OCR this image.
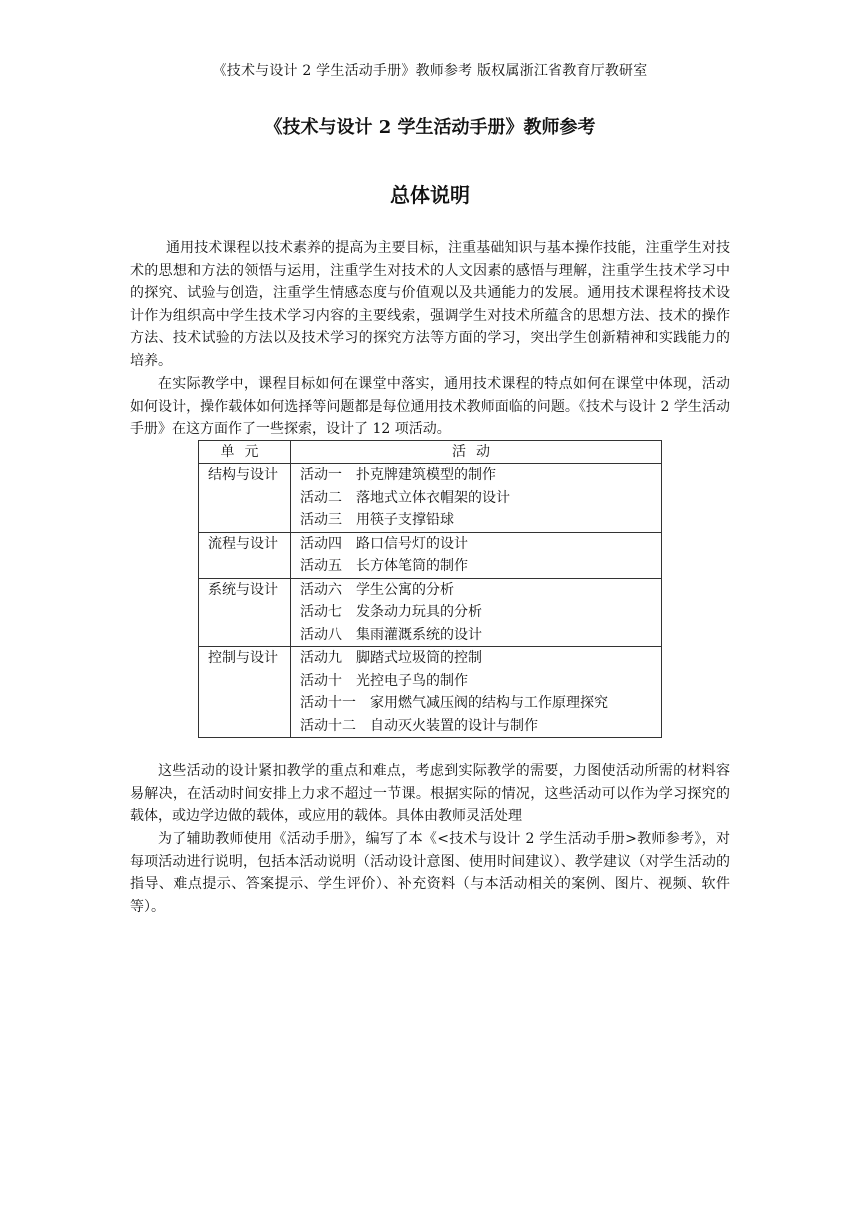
《技术与设计 2 学生活动手册》教师参考 版权属浙江省教育厅教研室
《技术与设计 2 学生活动手册》教师参考
总体说明

通用技术课程以技术素养的提高为主要目标，注重基础知识与基本操作技能，注重学生对技术的思想和方法的领悟与运用，注重学生对技术的人文因素的感悟与理解，注重学生技术学习中的探究、试验与创造，注重学生情感态度与价值观以及共通能力的发展。通用技术课程将技术设计作为组织高中学生技术学习内容的主要线索，强调学生对技术所蕴含的思想方法、技术的操作方法、技术试验的方法以及技术学习的探究方法等方面的学习，突出学生创新精神和实践能力的培养。

在实际教学中，课程目标如何在课堂中落实，通用技术课程的特点如何在课堂中体现，活动如何设计，操作载体如何选择等问题都是每位通用技术教师面临的问题。《技术与设计 2 学生活动手册》在这方面作了一些探索，设计了 12 项活动。

单元	活动
结构与设计	活动一 扑克牌建筑模型的制作
活动二 落地式立体衣帽架的设计
活动三 用筷子支撑铅球

流程与设计	活动四 路口信号灯的设计
活动五 长方体笔筒的制作

系统与设计	活动六 学生公寓的分析
活动七 发条动力玩具的分析
活动八 集雨灌溉系统的设计

控制与设计	活动九 脚踏式垃圾筒的控制
活动十 光控电子鸟的制作
活动十一 家用燃气减压阀的结构与工作原理探究
活动十二 自动灭火装置的设计与制作

这些活动的设计紧扣教学的重点和难点，考虑到实际教学的需要，力图使活动所需的材料容易解决，在活动时间安排上力求不超过一节课。根据实际的情况，这些活动可以作为学习探究的载体，或边学边做的载体，或应用的载体。具体由教师灵活处理

为了辅助教师使用《活动手册》，编写了本《<技术与设计 2 学生活动手册>教师参考》，对每项活动进行说明，包括本活动说明（活动设计意图、使用时间建议）、教学建议（对学生活动的指导、难点提示、答案提示、学生评价）、补充资料（与本活动相关的案例、图片、视频、软件等）。
